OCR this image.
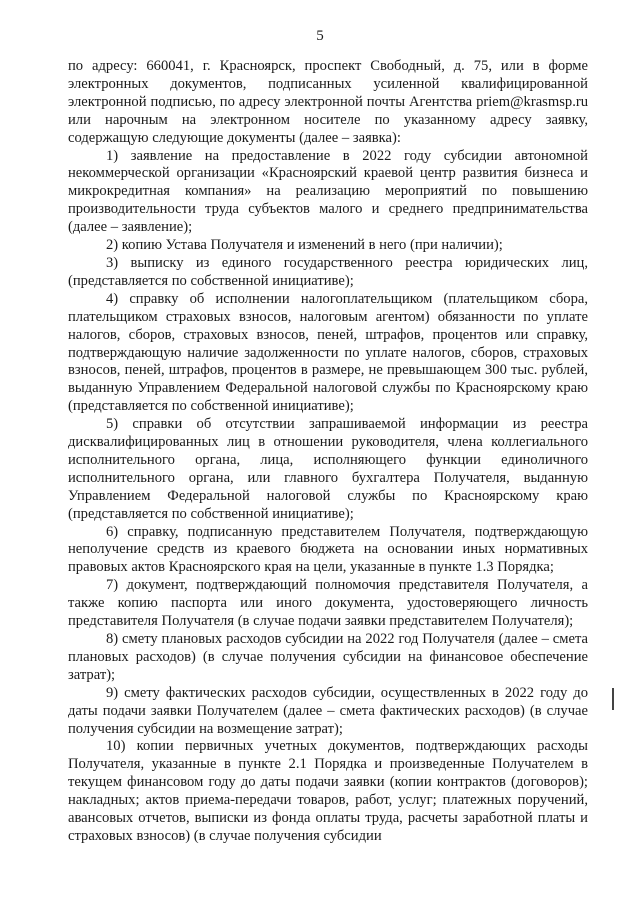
5

по адресу: 660041, г. Красноярск, проспект Свободный, д. 75, или в форме электронных документов, подписанных усиленной квалифицированной электронной подписью, по адресу электронной почты Агентства priem@krasmsp.ru или нарочным на электронном носителе по указанному адресу заявку, содержащую следующие документы (далее – заявка):

1) заявление на предоставление в 2022 году субсидии автономной некоммерческой организации «Красноярский краевой центр развития бизнеса и микрокредитная компания» на реализацию мероприятий по повышению производительности труда субъектов малого и среднего предпринимательства (далее – заявление);

2) копию Устава Получателя и изменений в него (при наличии);

3) выписку из единого государственного реестра юридических лиц, (представляется по собственной инициативе);

4) справку об исполнении налогоплательщиком (плательщиком сбора, плательщиком страховых взносов, налоговым агентом) обязанности по уплате налогов, сборов, страховых взносов, пеней, штрафов, процентов или справку, подтверждающую наличие задолженности по уплате налогов, сборов, страховых взносов, пеней, штрафов, процентов в размере, не превышающем 300 тыс. рублей, выданную Управлением Федеральной налоговой службы по Красноярскому краю (представляется по собственной инициативе);

5) справки об отсутствии запрашиваемой информации из реестра дисквалифицированных лиц в отношении руководителя, члена коллегиального исполнительного органа, лица, исполняющего функции единоличного исполнительного органа, или главного бухгалтера Получателя, выданную Управлением Федеральной налоговой службы по Красноярскому краю (представляется по собственной инициативе);

6) справку, подписанную представителем Получателя, подтверждающую неполучение средств из краевого бюджета на основании иных нормативных правовых актов Красноярского края на цели, указанные в пункте 1.3 Порядка;

7) документ, подтверждающий полномочия представителя Получателя, а также копию паспорта или иного документа, удостоверяющего личность представителя Получателя (в случае подачи заявки представителем Получателя);

8) смету плановых расходов субсидии на 2022 год Получателя (далее – смета плановых расходов) (в случае получения субсидии на финансовое обеспечение затрат);

9) смету фактических расходов субсидии, осуществленных в 2022 году до даты подачи заявки Получателем (далее – смета фактических расходов) (в случае получения субсидии на возмещение затрат);

10) копии первичных учетных документов, подтверждающих расходы Получателя, указанные в пункте 2.1 Порядка и произведенные Получателем в текущем финансовом году до даты подачи заявки (копии контрактов (договоров); накладных; актов приема-передачи товаров, работ, услуг; платежных поручений, авансовых отчетов, выписки из фонда оплаты труда, расчеты заработной платы и страховых взносов) (в случае получения субсидии
